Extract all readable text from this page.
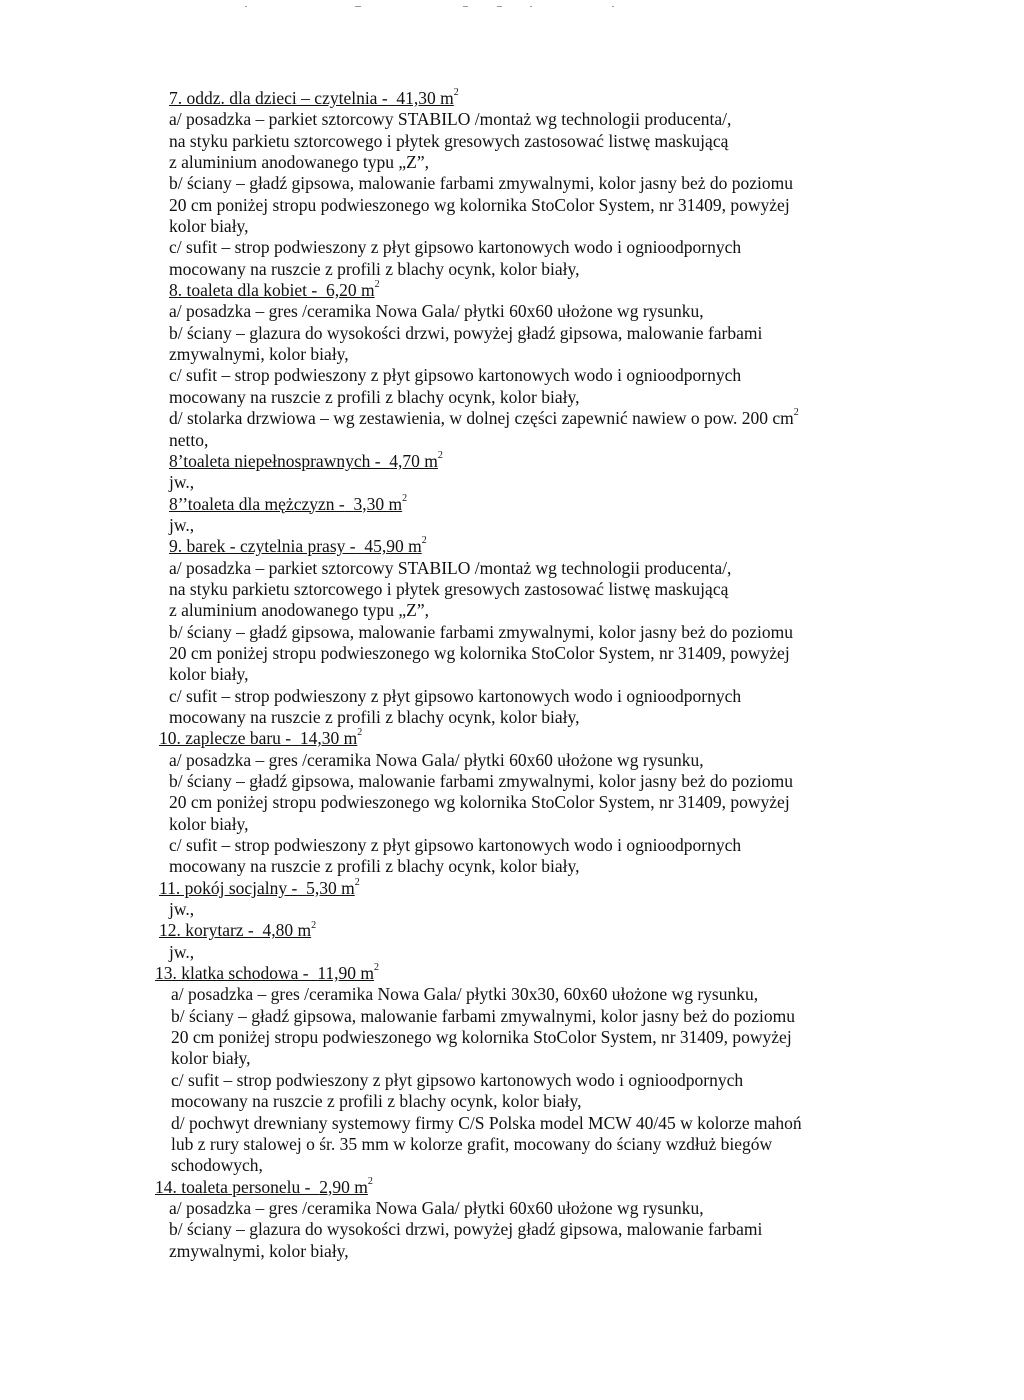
7. oddz. dla dzieci – czytelnia - 41,30 $m^2$
a/ posadzka – parkiet sztorcowy STABILO /montaż wg technologii producenta/,
na styku parkietu sztorcowego i płytek gresowych zastosować listwę maskującą
z aluminium anodowanego typu „Z”,
b/ ściany – gładź gipsowa, malowanie farbami zmywalnymi, kolor jasny beż do poziomu
20 cm poniżej stropu podwieszonego wg kolornika StoColor System, nr 31409, powyżej
kolor biały,
c/ sufit – strop podwieszony z płyt gipsowo kartonowych wodo i ognioodpornych
mocowany na ruszcie z profili z blachy ocynk, kolor biały,
8. toaleta dla kobiet - 6,20 $m^2$
a/ posadzka – gres /ceramika Nowa Gala/ płytki 60x60 ułożone wg rysunku,
b/ ściany – glazura do wysokości drzwi, powyżej gładź gipsowa, malowanie farbami
zmywalnymi, kolor biały,
c/ sufit – strop podwieszony z płyt gipsowo kartonowych wodo i ognioodpornych
mocowany na ruszcie z profili z blachy ocynk, kolor biały,
d/ stolarka drzwiowa – wg zestawienia, w dolnej części zapewnić nawiew o pow. 200 $cm^2$
netto,
8’toaleta niepełnosprawnych - 4,70 $m^2$
jw.,
8’’toaleta dla mężczyzn - 3,30 $m^2$
jw.,
9. barek - czytelnia prasy - 45,90 $m^2$
a/ posadzka – parkiet sztorcowy STABILO /montaż wg technologii producenta/,
na styku parkietu sztorcowego i płytek gresowych zastosować listwę maskującą
z aluminium anodowanego typu „Z”,
b/ ściany – gładź gipsowa, malowanie farbami zmywalnymi, kolor jasny beż do poziomu
20 cm poniżej stropu podwieszonego wg kolornika StoColor System, nr 31409, powyżej
kolor biały,
c/ sufit – strop podwieszony z płyt gipsowo kartonowych wodo i ognioodpornych
mocowany na ruszcie z profili z blachy ocynk, kolor biały,
10. zaplecze baru - 14,30 $m^2$
a/ posadzka – gres /ceramika Nowa Gala/ płytki 60x60 ułożone wg rysunku,
b/ ściany – gładź gipsowa, malowanie farbami zmywalnymi, kolor jasny beż do poziomu
20 cm poniżej stropu podwieszonego wg kolornika StoColor System, nr 31409, powyżej
kolor biały,
c/ sufit – strop podwieszony z płyt gipsowo kartonowych wodo i ognioodpornych
mocowany na ruszcie z profili z blachy ocynk, kolor biały,
11. pokój socjalny - 5,30 $m^2$
jw.,
12. korytarz - 4,80 $m^2$
jw.,
13. klatka schodowa - 11,90 $m^2$
a/ posadzka – gres /ceramika Nowa Gala/ płytki 30x30, 60x60 ułożone wg rysunku,
b/ ściany – gładź gipsowa, malowanie farbami zmywalnymi, kolor jasny beż do poziomu
20 cm poniżej stropu podwieszonego wg kolornika StoColor System, nr 31409, powyżej
kolor biały,
c/ sufit – strop podwieszony z płyt gipsowo kartonowych wodo i ognioodpornych
mocowany na ruszcie z profili z blachy ocynk, kolor biały,
d/ pochwyt drewniany systemowy firmy C/S Polska model MCW 40/45 w kolorze mahoń
lub z rury stalowej o śr. 35 mm w kolorze grafit, mocowany do ściany wzdłuż biegów
schodowych,
14. toaleta personelu - 2,90 $m^2$
a/ posadzka – gres /ceramika Nowa Gala/ płytki 60x60 ułożone wg rysunku,
b/ ściany – glazura do wysokości drzwi, powyżej gładź gipsowa, malowanie farbami
zmywalnymi, kolor biały,
